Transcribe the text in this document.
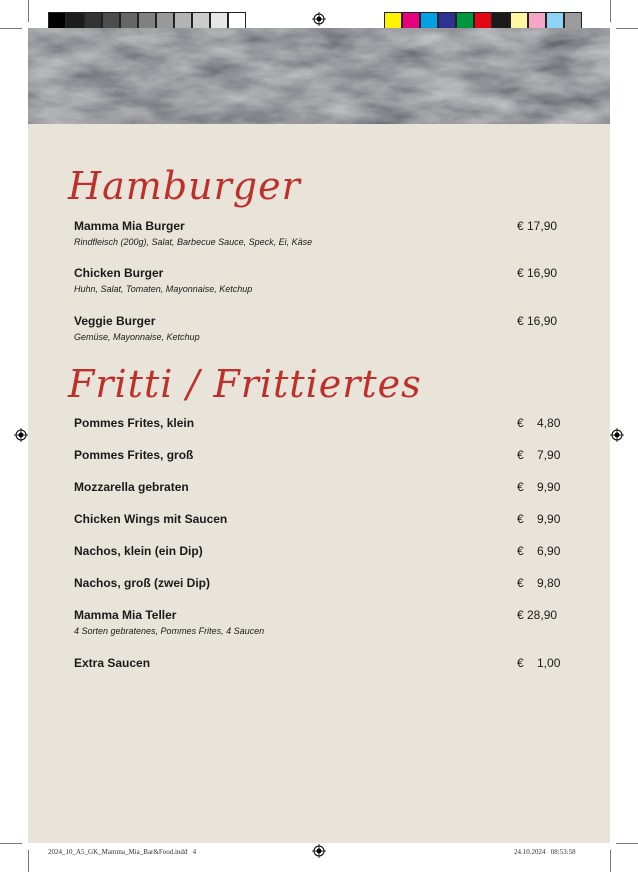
2024_10_A5_GK_Mamma_Mia_Bar&Food.indd   4	24.10.2024   08:53:58
Hamburger
Mamma Mia Burger	€ 17,90
Rindfleisch (200g), Salat, Barbecue Sauce, Speck, Ei, Käse
Chicken Burger	€ 16,90
Huhn, Salat, Tomaten, Mayonnaise, Ketchup
Veggie Burger	€ 16,90
Gemüse, Mayonnaise, Ketchup
Fritti / Frittiertes
Pommes Frites, klein	€    4,80
Pommes Frites, groß	€    7,90
Mozzarella gebraten	€    9,90
Chicken Wings mit Saucen	€    9,90
Nachos, klein (ein Dip)	€    6,90
Nachos, groß (zwei Dip)	€    9,80
Mamma Mia Teller	€ 28,90
4 Sorten gebratenes, Pommes Frites, 4 Saucen
Extra Saucen	€    1,00
